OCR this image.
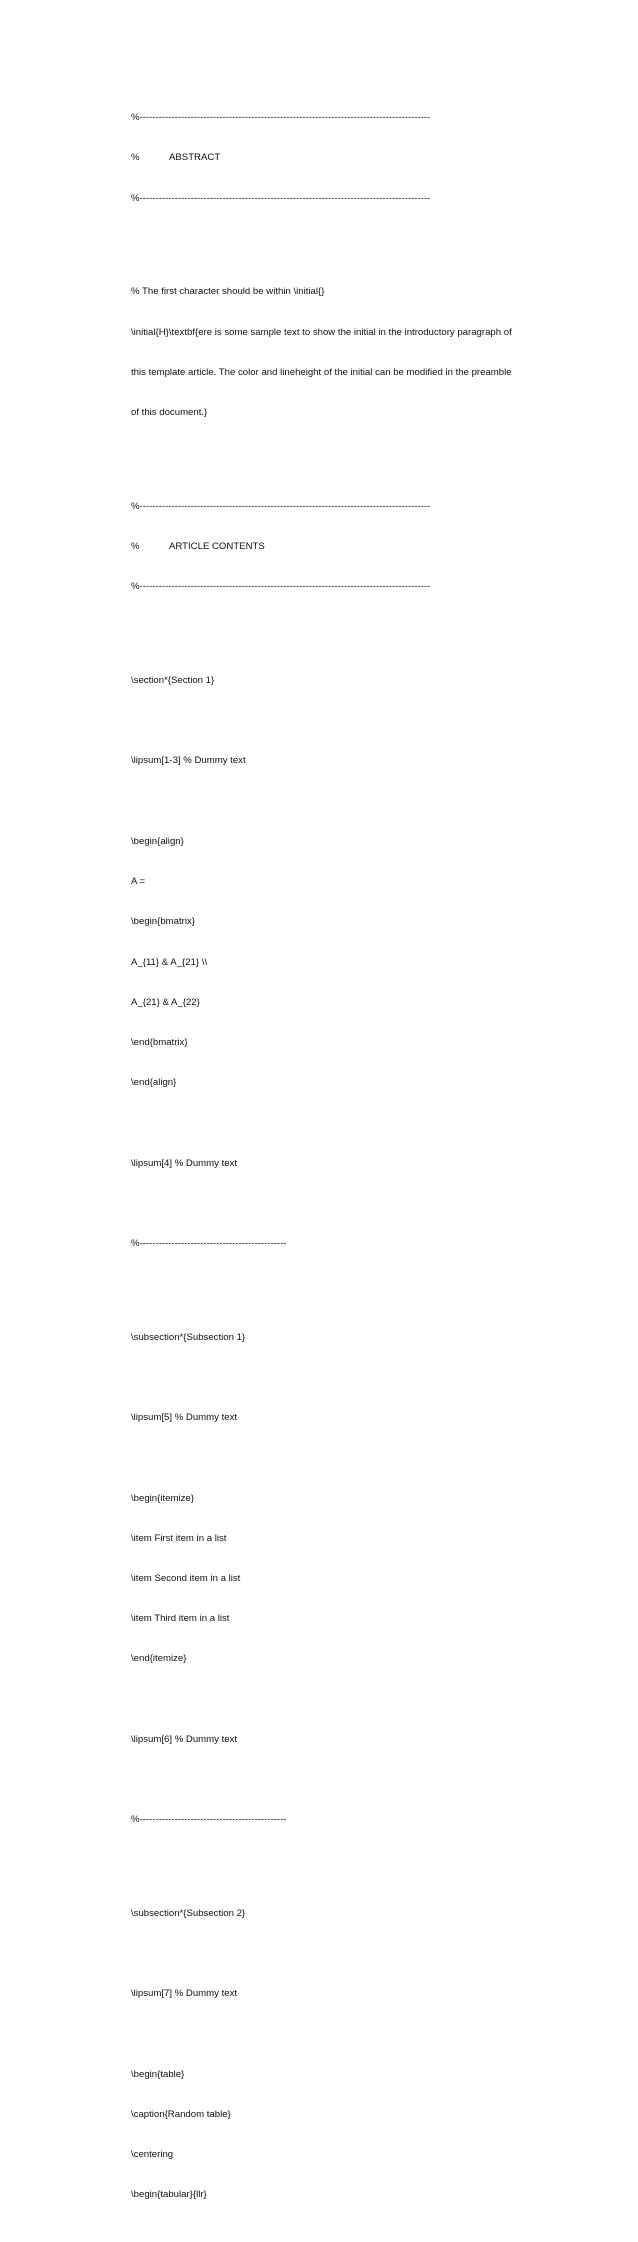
%-------------------------------------------------------------------------------------------

%	ABSTRACT

%-------------------------------------------------------------------------------------------

% The first character should be within \initial{}

\initial{H}\textbf{ere is some sample text to show the initial in the introductory paragraph of

this template article. The color and lineheight of the initial can be modified in the preamble

of this document.}

%-------------------------------------------------------------------------------------------

%	ARTICLE CONTENTS

%-------------------------------------------------------------------------------------------

\section*{Section 1}

\lipsum[1-3] % Dummy text

\begin{align}

A =

\begin{bmatrix}

A_{11} & A_{21} \\

A_{21} & A_{22}

\end{bmatrix}

\end{align}

\lipsum[4] % Dummy text

%----------------------------------------------

\subsection*{Subsection 1}

\lipsum[5] % Dummy text

\begin{itemize}

\item First item in a list

\item Second item in a list

\item Third item in a list

\end{itemize}

\lipsum[6] % Dummy text

%----------------------------------------------

\subsection*{Subsection 2}

\lipsum[7] % Dummy text

\begin{table}

\caption{Random table}

\centering

\begin{tabular}{llr}
